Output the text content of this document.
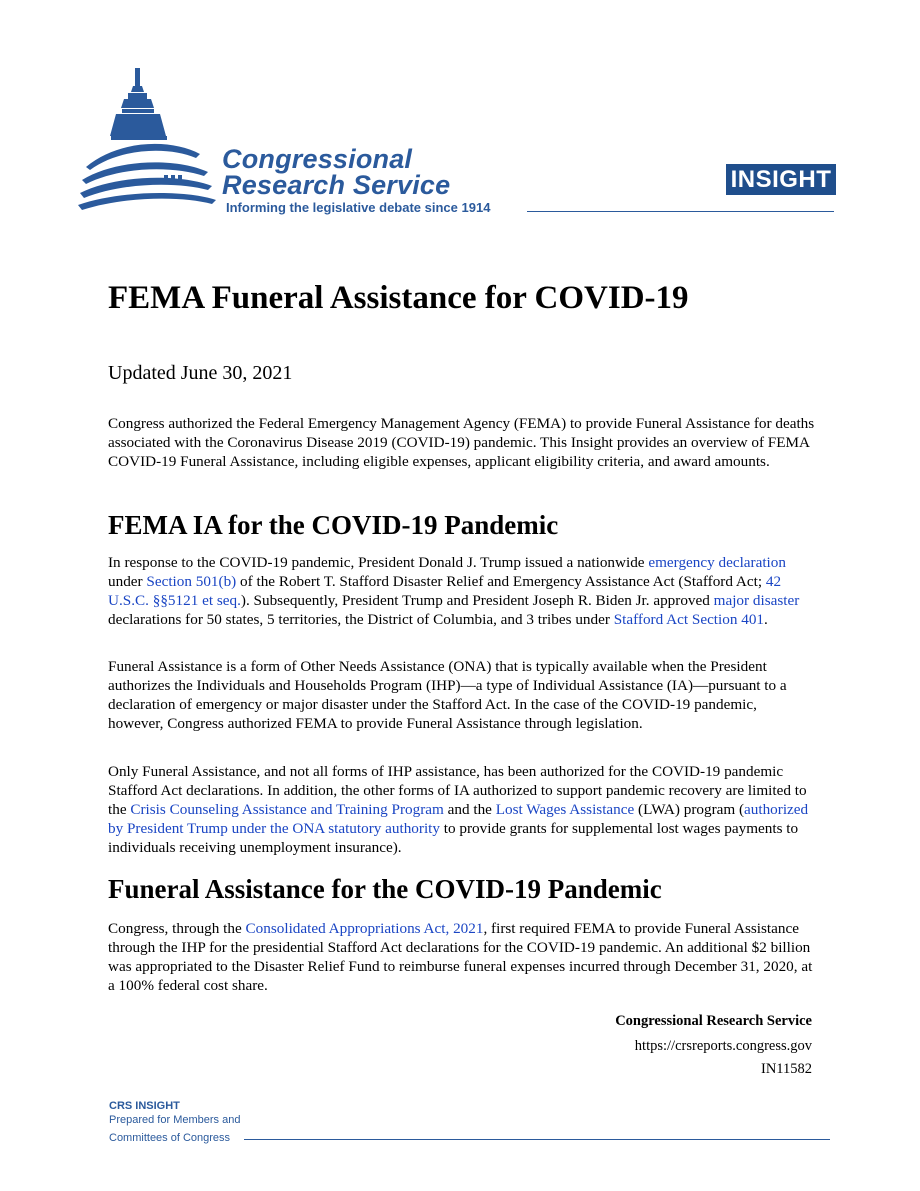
Congressional
Research Service
Informing the legislative debate since 1914
INSIGHT
FEMA Funeral Assistance for COVID-19
Updated June 30, 2021

Congress authorized the Federal Emergency Management Agency (FEMA) to provide Funeral Assistance for deaths associated with the Coronavirus Disease 2019 (COVID-19) pandemic. This Insight provides an overview of FEMA COVID-19 Funeral Assistance, including eligible expenses, applicant eligibility criteria, and award amounts.

FEMA IA for the COVID-19 Pandemic

In response to the COVID-19 pandemic, President Donald J. Trump issued a nationwide emergency declaration under Section 501(b) of the Robert T. Stafford Disaster Relief and Emergency Assistance Act (Stafford Act; 42 U.S.C. §§5121 et seq.). Subsequently, President Trump and President Joseph R. Biden Jr. approved major disaster declarations for 50 states, 5 territories, the District of Columbia, and 3 tribes under Stafford Act Section 401.

Funeral Assistance is a form of Other Needs Assistance (ONA) that is typically available when the President authorizes the Individuals and Households Program (IHP)—a type of Individual Assistance (IA)—pursuant to a declaration of emergency or major disaster under the Stafford Act. In the case of the COVID-19 pandemic, however, Congress authorized FEMA to provide Funeral Assistance through legislation.

Only Funeral Assistance, and not all forms of IHP assistance, has been authorized for the COVID-19 pandemic Stafford Act declarations. In addition, the other forms of IA authorized to support pandemic recovery are limited to the Crisis Counseling Assistance and Training Program and the Lost Wages Assistance (LWA) program (authorized by President Trump under the ONA statutory authority to provide grants for supplemental lost wages payments to individuals receiving unemployment insurance).

Funeral Assistance for the COVID-19 Pandemic

Congress, through the Consolidated Appropriations Act, 2021, first required FEMA to provide Funeral Assistance through the IHP for the presidential Stafford Act declarations for the COVID-19 pandemic. An additional $2 billion was appropriated to the Disaster Relief Fund to reimburse funeral expenses incurred through December 31, 2020, at a 100% federal cost share.

Congressional Research Service
https://crsreports.congress.gov
IN11582
CRS INSIGHT
Prepared for Members and
Committees of Congress
